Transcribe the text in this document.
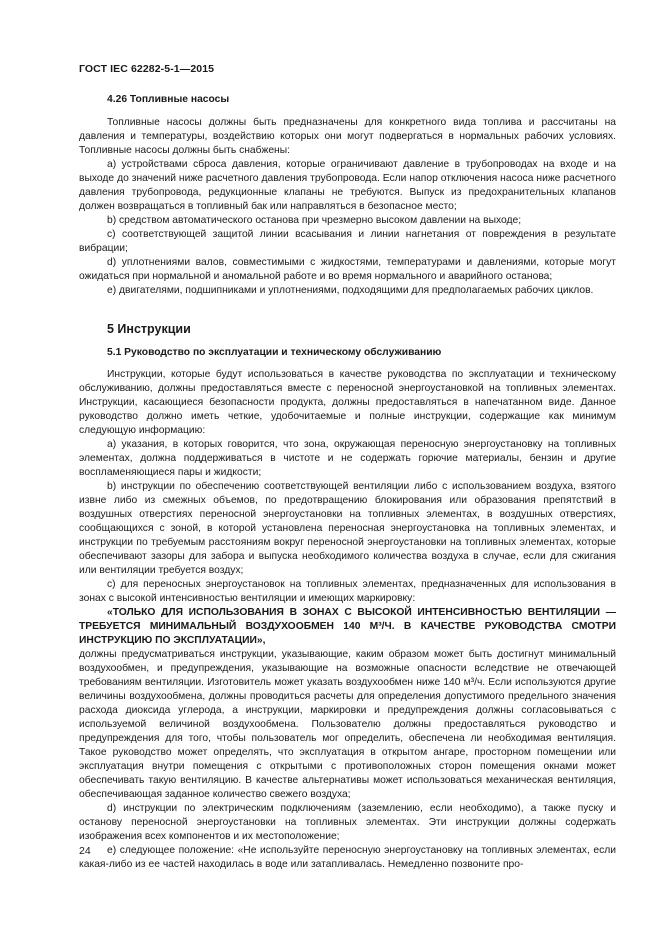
ГОСТ IEC 62282-5-1—2015
4.26 Топливные насосы

Топливные насосы должны быть предназначены для конкретного вида топлива и рассчитаны на давления и температуры, воздействию которых они могут подвергаться в нормальных рабочих условиях. Топливные насосы должны быть снабжены:

а) устройствами сброса давления, которые ограничивают давление в трубопроводах на входе и на выходе до значений ниже расчетного давления трубопровода. Если напор отключения насоса ниже расчетного давления трубопровода, редукционные клапаны не требуются. Выпуск из предохранительных клапанов должен возвращаться в топливный бак или направляться в безопасное место;

b) средством автоматического останова при чрезмерно высоком давлении на выходе;

c) соответствующей защитой линии всасывания и линии нагнетания от повреждения в результате вибрации;

d) уплотнениями валов, совместимыми с жидкостями, температурами и давлениями, которые могут ожидаться при нормальной и аномальной работе и во время нормального и аварийного останова;

e) двигателями, подшипниками и уплотнениями, подходящими для предполагаемых рабочих циклов.

5 Инструкции
5.1 Руководство по эксплуатации и техническому обслуживанию

Инструкции, которые будут использоваться в качестве руководства по эксплуатации и техническому обслуживанию, должны предоставляться вместе с переносной энергоустановкой на топливных элементах. Инструкции, касающиеся безопасности продукта, должны предоставляться в напечатанном виде. Данное руководство должно иметь четкие, удобочитаемые и полные инструкции, содержащие как минимум следующую информацию:

а) указания, в которых говорится, что зона, окружающая переносную энергоустановку на топливных элементах, должна поддерживаться в чистоте и не содержать горючие материалы, бензин и другие воспламеняющиеся пары и жидкости;

b) инструкции по обеспечению соответствующей вентиляции либо с использованием воздуха, взятого извне либо из смежных объемов, по предотвращению блокирования или образования препятствий в воздушных отверстиях переносной энергоустановки на топливных элементах, в воздушных отверстиях, сообщающихся с зоной, в которой установлена переносная энергоустановка на топливных элементах, и инструкции по требуемым расстояниям вокруг переносной энергоустановки на топливных элементах, которые обеспечивают зазоры для забора и выпуска необходимого количества воздуха в случае, если для сжигания или вентиляции требуется воздух;

с) для переносных энергоустановок на топливных элементах, предназначенных для использования в зонах с высокой интенсивностью вентиляции и имеющих маркировку:

«ТОЛЬКО ДЛЯ ИСПОЛЬЗОВАНИЯ В ЗОНАХ С ВЫСОКОЙ ИНТЕНСИВНОСТЬЮ ВЕНТИЛЯЦИИ — ТРЕБУЕТСЯ МИНИМАЛЬНЫЙ ВОЗДУХООБМЕН 140 М³/Ч. В КАЧЕСТВЕ РУКОВОДСТВА СМОТРИ ИНСТРУКЦИЮ ПО ЭКСПЛУАТАЦИИ»,

должны предусматриваться инструкции, указывающие, каким образом может быть достигнут минимальный воздухообмен, и предупреждения, указывающие на возможные опасности вследствие не отвечающей требованиям вентиляции. Изготовитель может указать воздухообмен ниже 140 м³/ч. Если используются другие величины воздухообмена, должны проводиться расчеты для определения допустимого предельного значения расхода диоксида углерода, а инструкции, маркировки и предупреждения должны согласовываться с используемой величиной воздухообмена. Пользователю должны предоставляться руководство и предупреждения для того, чтобы пользователь мог определить, обеспечена ли необходимая вентиляция. Такое руководство может определять, что эксплуатация в открытом ангаре, просторном помещении или эксплуатация внутри помещения с открытыми с противоположных сторон помещения окнами может обеспечивать такую вентиляцию. В качестве альтернативы может использоваться механическая вентиляция, обеспечивающая заданное количество свежего воздуха;

d) инструкции по электрическим подключениям (заземлению, если необходимо), а также пуску и останову переносной энергоустановки на топливных элементах. Эти инструкции должны содержать изображения всех компонентов и их местоположение;

e) следующее положение: «Не используйте переносную энергоустановку на топливных элементах, если какая-либо из ее частей находилась в воде или затапливалась. Немедленно позвоните про-

24
